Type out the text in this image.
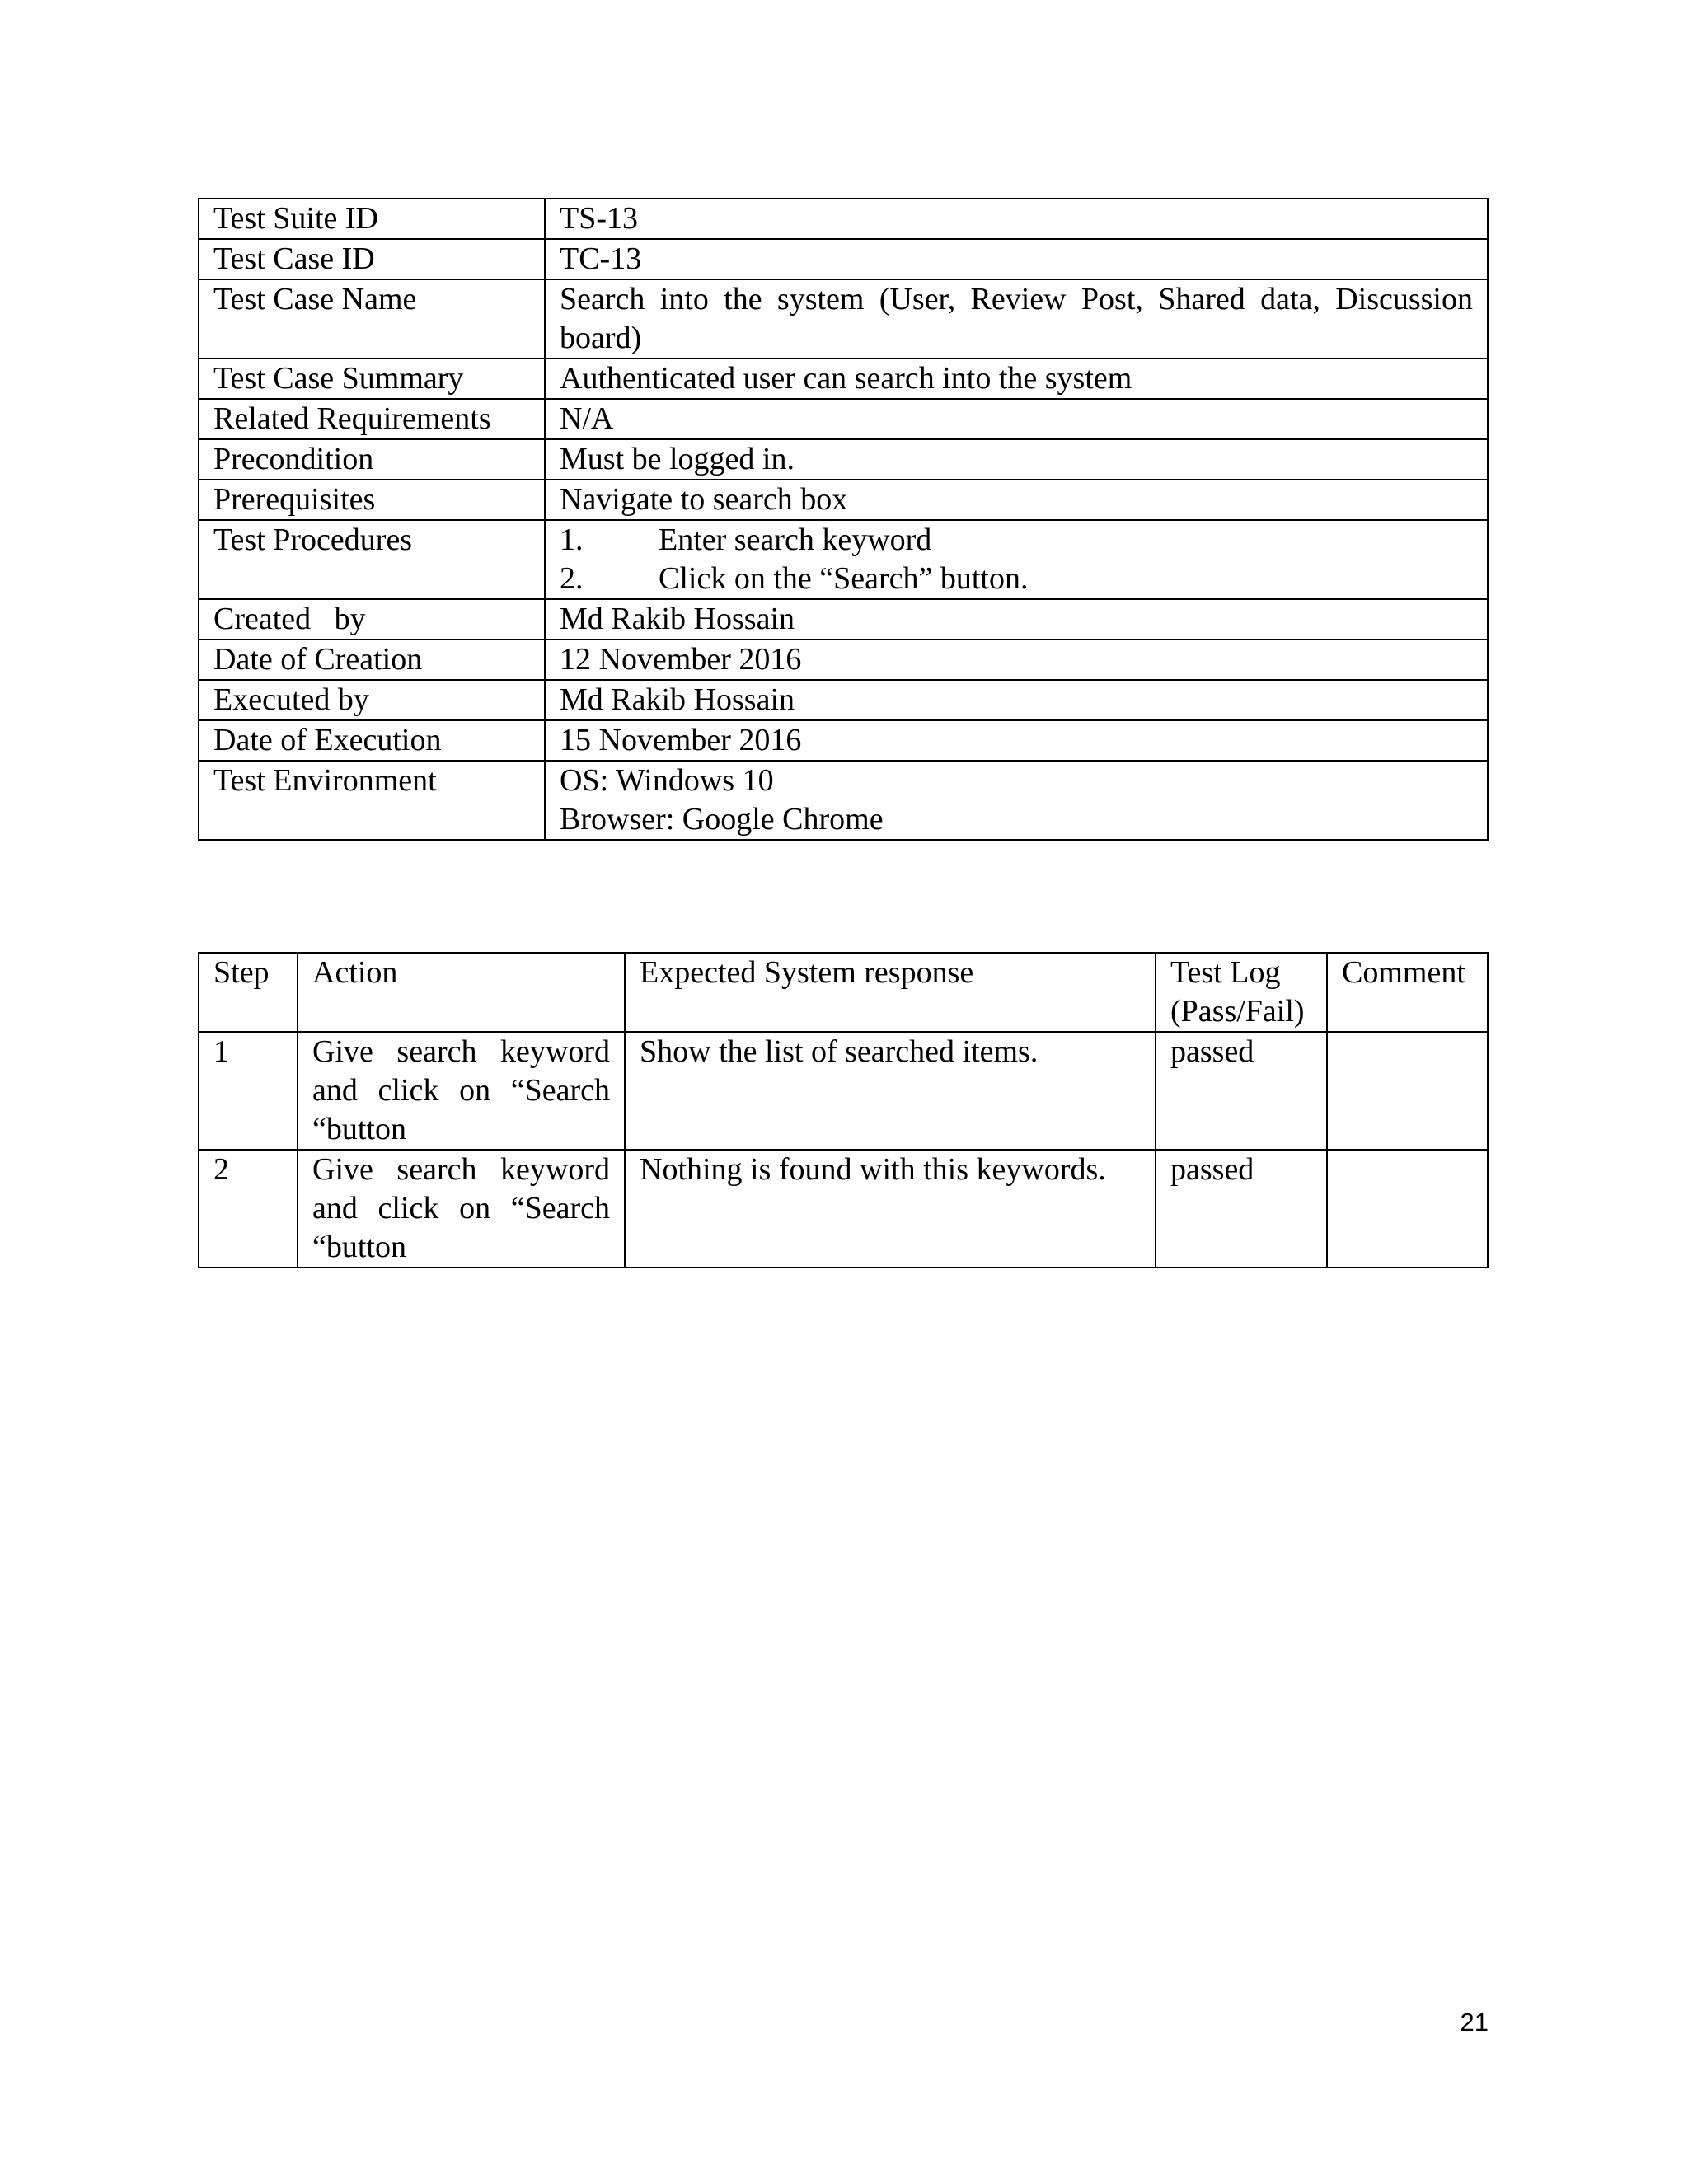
Test Suite ID	TS-13
Test Case ID	TC-13
Test Case Name	Search into the system (User, Review Post, Shared data, Discussion board)
Test Case Summary	Authenticated user can search into the system
Related Requirements	N/A
Precondition	Must be logged in.
Prerequisites	Navigate to search box
Test Procedures	1. Enter search keyword
2. Click on the “Search” button.

Created   by	Md Rakib Hossain
Date of Creation	12 November 2016
Executed by	Md Rakib Hossain
Date of Execution	15 November 2016
Test Environment	OS: Windows 10
Browser: Google Chrome
Step	Action	Expected System response	Test Log (Pass/Fail)	Comment
1	Give search keyword and click on “Search “button	Show the list of searched items.	passed	
2	Give search keyword and click on “Search “button	Nothing is found with this keywords.	passed	
21
